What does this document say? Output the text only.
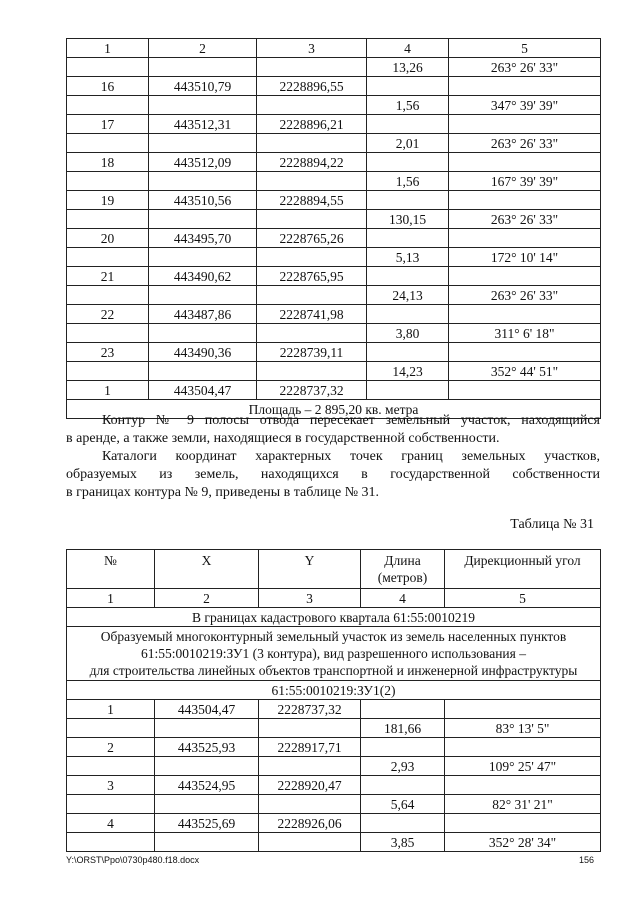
1	2	3	4	5
			13,26	263° 26' 33"
16	443510,79	2228896,55		
			1,56	347° 39' 39"
17	443512,31	2228896,21		
			2,01	263° 26' 33"
18	443512,09	2228894,22		
			1,56	167° 39' 39"
19	443510,56	2228894,55		
			130,15	263° 26' 33"
20	443495,70	2228765,26		
			5,13	172° 10' 14"
21	443490,62	2228765,95		
			24,13	263° 26' 33"
22	443487,86	2228741,98		
			3,80	311° 6' 18"
23	443490,36	2228739,11		
			14,23	352° 44' 51"
1	443504,47	2228737,32		
Площадь – 2 895,20 кв. метра				

Контур № 9 полосы отвода пересекает земельный участок, находящийся
в аренде, а также земли, находящиеся в государственной собственности.

Каталоги координат характерных точек границ земельных участков,
образуемых из земель, находящихся в государственной собственности
в границах контура № 9, приведены в таблице № 31.

Таблица № 31
№	X	Y	Длина (метров)	Дирекционный угол
1	2	3	4	5
В границах кадастрового квартала 61:55:0010219				

Образуемый многоконтурный земельный участок из земель населенных пунктов
61:55:0010219:ЗУ1 (3 контура), вид разрешенного использования –
для строительства линейных объектов транспортной и инженерной инфраструктуры				

61:55:0010219:ЗУ1(2)				
1	443504,47	2228737,32		
			181,66	83° 13' 5"
2	443525,93	2228917,71		
			2,93	109° 25' 47"
3	443524,95	2228920,47		
			5,64	82° 31' 21"
4	443525,69	2228926,06		
			3,85	352° 28' 34"
Y:\ORST\Ppo\0730p480.f18.docx	156
